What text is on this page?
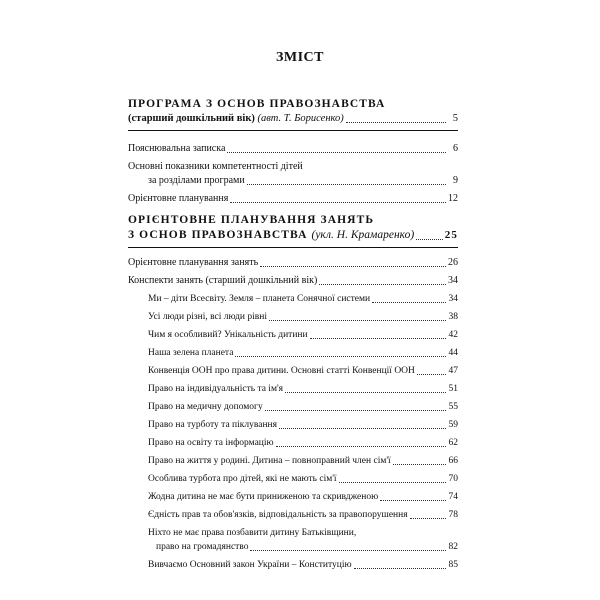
ЗМІСТ
ПРОГРАМА З ОСНОВ ПРАВОЗНАВСТВА
(старший дошкільний вік) (авт. Т. Борисенко)	5
Пояснювальна записка	6
Основні показники компетентності дітей
за розділами програми	9
Орієнтовне планування	12
ОРІЄНТОВНЕ ПЛАНУВАННЯ ЗАНЯТЬ
З ОСНОВ ПРАВОЗНАВСТВА (укл. Н. Крамаренко)	25
Орієнтовне планування занять	26
Конспекти занять (старший дошкільний вік)	34
Ми – діти Всесвіту. Земля – планета Сонячної системи	34
Усі люди різні, всі люди рівні	38
Чим я особливий? Унікальність дитини	42
Наша зелена планета	44
Конвенція ООН про права дитини. Основні статті Конвенції ООН	47
Право на індивідуальність та ім'я	51
Право на медичну допомогу	55
Право на турботу та піклування	59
Право на освіту та інформацію	62
Право на життя у родині. Дитина – повноправний член сім'ї	66
Особлива турбота про дітей, які не мають сім'ї	70
Жодна дитина не має бути приниженою та скривдженою	74
Єдність прав та обов'язків, відповідальність за правопорушення	78
Ніхто не має права позбавити дитину Батьківщини,
право на громадянство	82
Вивчаємо Основний закон України – Конституцію	85
